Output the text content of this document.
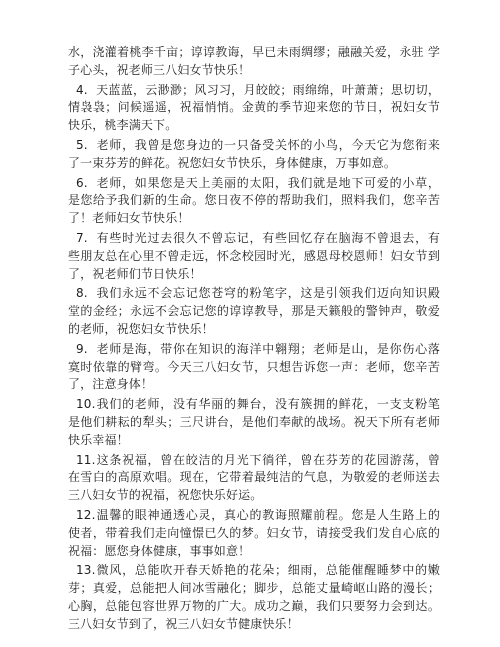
水，浇灌着桃李千亩；谆谆教诲，早已未雨绸缪；融融关爱，永驻 学子心头，祝老师三八妇女节快乐！

4. 天蓝蓝，云渺渺；风习习，月皎皎；雨绵绵，叶萧萧；思切切， 情袅袅；问候遥遥，祝福悄悄。金黄的季节迎来您的节日，祝妇女节 快乐，桃李满天下。

5. 老师，我曾是您身边的一只备受关怀的小鸟，今天它为您衔来 了一束芬芳的鲜花。祝您妇女节快乐，身体健康，万事如意。

6. 老师，如果您是天上美丽的太阳，我们就是地下可爱的小草， 是您给予我们新的生命。您日夜不停的帮助我们，照料我们，您辛苦 了！老师妇女节快乐！

7. 有些时光过去很久不曾忘记，有些回忆存在脑海不曾退去，有 些朋友总在心里不曾走远，怀念校园时光，感恩母校恩师！妇女节到 了，祝老师们节日快乐！

8. 我们永远不会忘记您苍穹的粉笔字，这是引领我们迈向知识殿 堂的金经；永远不会忘记您的谆谆教导，那是天籁般的警钟声，敬爱 的老师，祝您妇女节快乐！

9. 老师是海，带你在知识的海洋中翱翔；老师是山，是你伤心落 寞时依靠的臂弯。今天三八妇女节，只想告诉您一声：老师，您辛苦 了，注意身体！

10.我们的老师，没有华丽的舞台，没有簇拥的鲜花，一支支粉笔 是他们耕耘的犁头；三尺讲台，是他们奉献的战场。祝天下所有老师 快乐幸福！

11.这条祝福，曾在皎洁的月光下徜徉，曾在芬芳的花园游荡，曾 在雪白的高原欢唱。现在，它带着最纯洁的气息，为敬爱的老师送去 三八妇女节的祝福，祝您快乐好运。

12.温馨的眼神通透心灵，真心的教诲照耀前程。您是人生路上的 使者，带着我们走向憧憬已久的梦。妇女节，请接受我们发自心底的 祝福：愿您身体健康，事事如意！

13.微风，总能吹开春天娇艳的花朵；细雨，总能催醒睡梦中的嫩 芽；真爱，总能把人间冰雪融化；脚步，总能丈量崎岖山路的漫长；心胸，总能包容世界万物的广大。成功之巅，我们只要努力会到达。 三八妇女节到了，祝三八妇女节健康快乐！
